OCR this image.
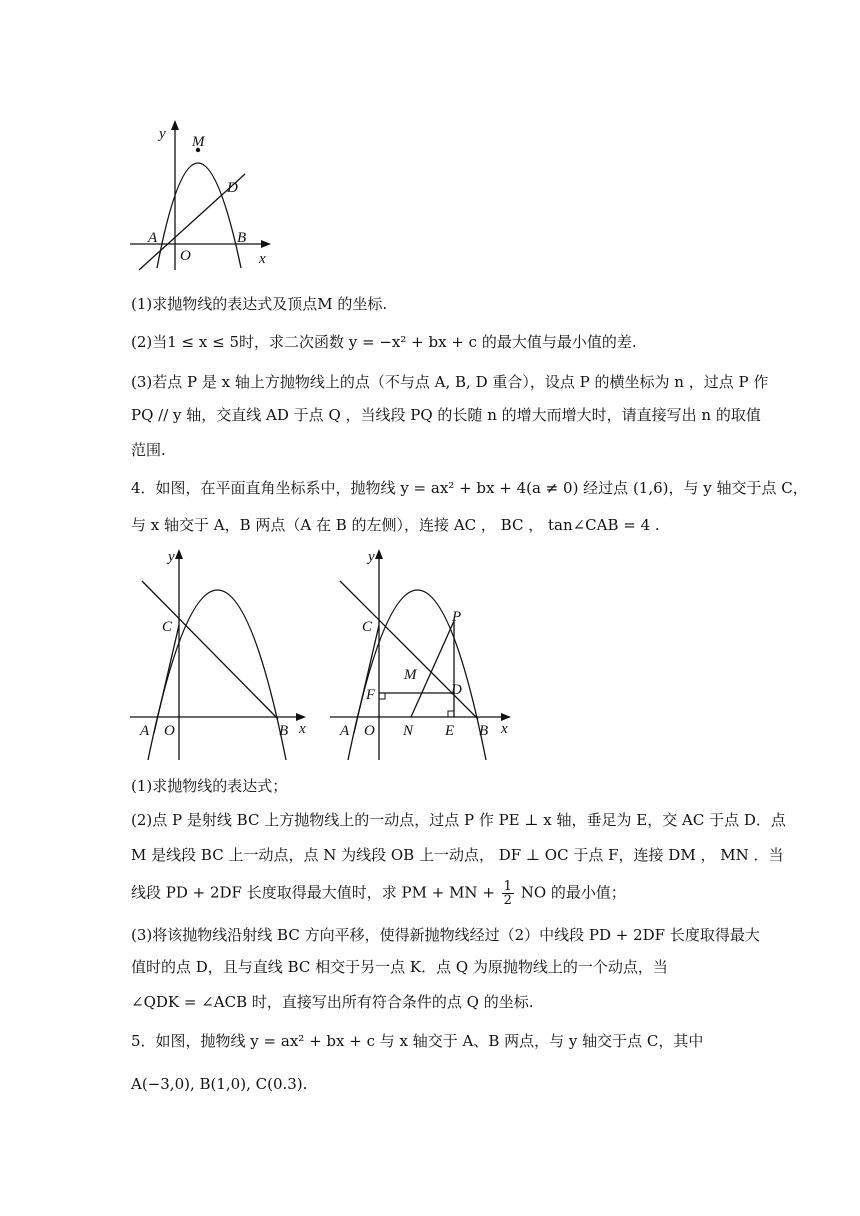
y M
D
A	B
O	x
(1)求抛物线的表达式及顶点M 的坐标.
(2)当1 ≤ x ≤ 5时，求二次函数 y = −x² + bx + c 的最大值与最小值的差.
(3)若点 P 是 x 轴上方抛物线上的点（不与点 A, B, D 重合），设点 P 的横坐标为 n ，过点 P 作
PQ // y 轴，交直线 AD 于点 Q ，当线段 PQ 的长随 n 的增大而增大时，请直接写出 n 的取值
范围.
4．如图，在平面直角坐标系中，抛物线 y = ax² + bx + 4(a ≠ 0) 经过点 (1,6)，与 y 轴交于点 C，
与 x 轴交于 A，B 两点（A 在 B 的左侧），连接 AC ， BC ， tan∠CAB = 4 .
y
C
A O	B x
y
C
P
M
D
F
A O N E B x
(1)求抛物线的表达式；
(2)点 P 是射线 BC 上方抛物线上的一动点，过点 P 作 PE ⊥ x 轴，垂足为 E，交 AC 于点 D．点
M 是线段 BC 上一动点，点 N 为线段 OB 上一动点， DF ⊥ OC 于点 F，连接 DM ， MN ．当
线段 PD + 2DF 长度取得最大值时，求 PM + MN + $\frac{1}{2}$ NO 的最小值；
(3)将该抛物线沿射线 BC 方向平移，使得新抛物线经过（2）中线段 PD + 2DF 长度取得最大
值时的点 D，且与直线 BC 相交于另一点 K．点 Q 为原抛物线上的一个动点，当
∠QDK = ∠ACB 时，直接写出所有符合条件的点 Q 的坐标.
5．如图，抛物线 y = ax² + bx + c 与 x 轴交于 A、B 两点，与 y 轴交于点 C，其中
A(−3,0), B(1,0), C(0.3).
